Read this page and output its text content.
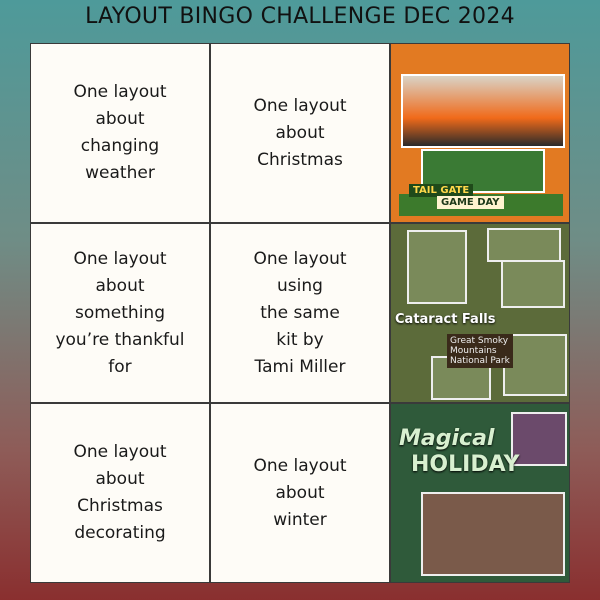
LAYOUT BINGO CHALLENGE DEC 2024
One layout
about
changing
weather
One layout
about
Christmas
TAIL GATE
GAME DAY
One layout
about
something
you’re thankful
for
One layout
using
the same
kit by
Tami Miller
Cataract Falls
Great Smoky
Mountains
National Park
One layout
about
Christmas
decorating
One layout
about
winter
Magical
HOLIDAY
